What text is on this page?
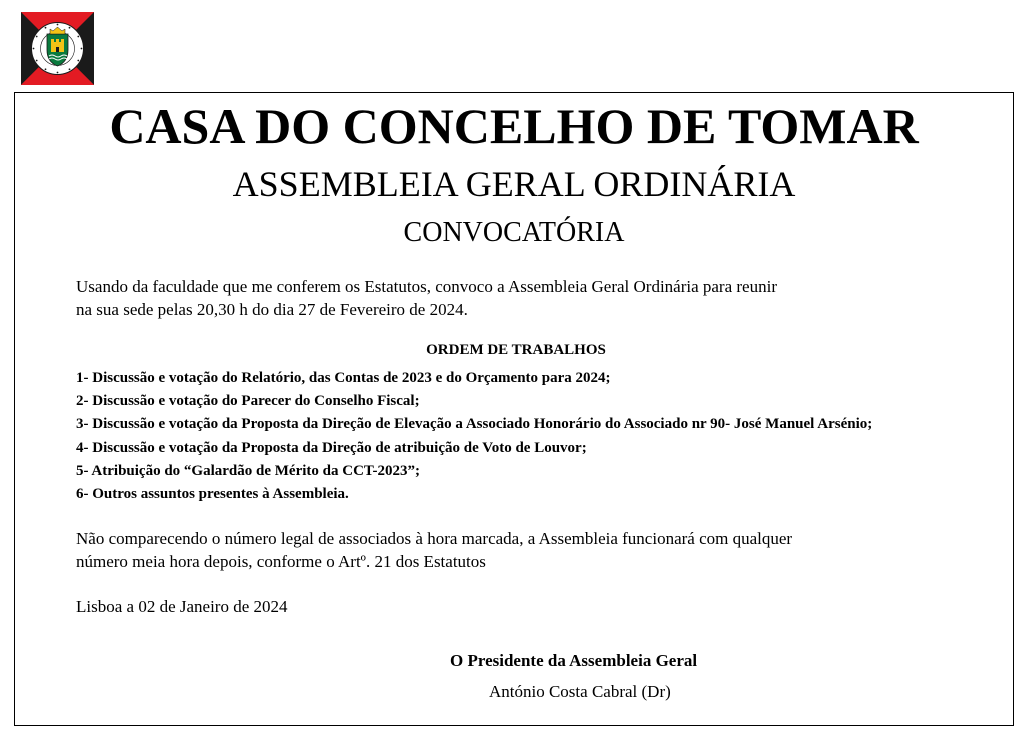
CASA DO CONCELHO DE TOMAR
ASSEMBLEIA GERAL ORDINÁRIA
CONVOCATÓRIA
Usando da faculdade que me conferem os Estatutos, convoco a Assembleia Geral Ordinária para reunir
na sua sede pelas 20,30 h do dia 27 de Fevereiro de 2024.
ORDEM DE TRABALHOS
1- Discussão e votação do Relatório, das Contas de 2023 e do Orçamento para 2024;
2- Discussão e votação do Parecer do Conselho Fiscal;
3- Discussão e votação da Proposta da Direção de Elevação a Associado Honorário do Associado nr 90- José Manuel Arsénio;
4- Discussão e votação da Proposta da Direção de atribuição de Voto de Louvor;
5- Atribuição do “Galardão de Mérito da CCT-2023”;
6- Outros assuntos presentes à Assembleia.
Não comparecendo o número legal de associados à hora marcada, a Assembleia funcionará com qualquer
número meia hora depois, conforme o Artº. 21 dos Estatutos
Lisboa a 02 de Janeiro de 2024
O Presidente da Assembleia Geral
António Costa Cabral (Dr)
